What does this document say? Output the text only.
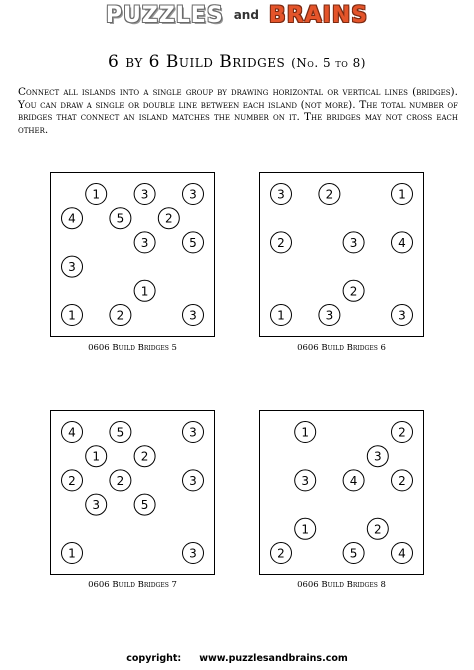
PUZZLES and BRAINS
6 by 6 Build Bridges (No. 5 to 8)
Connect all islands into a single group by drawing horizontal or vertical lines (bridges). You can draw a single or double line between each island (not more). The total number of bridges that connect an island matches the number on it. The bridges may not cross each other.
1	3	3
4	5	2
3	5
3
1
1	2	3
0606 Build Bridges 5
3	2	1
2	3	4
2
1	3	3
0606 Build Bridges 6
4	5	3
1	2
2	2	3
3	5
1	3
0606 Build Bridges 7
1	2
3
3	4	2
1	2
2	5	4
0606 Build Bridges 8
copyright: www.puzzlesandbrains.com
